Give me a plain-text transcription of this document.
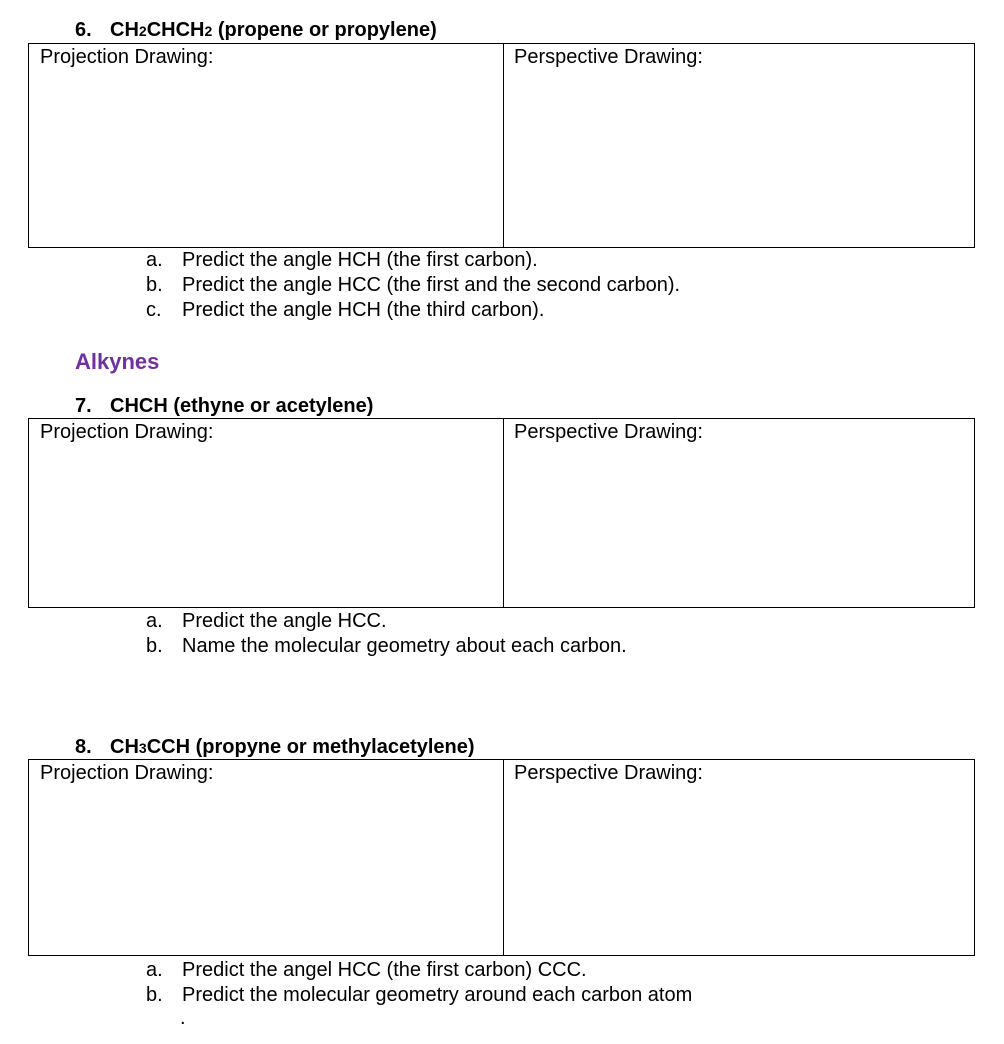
6. CH2CHCH2 (propene or propylene)
Projection Drawing:	Perspective Drawing:
a. Predict the angle HCH (the first carbon).
b. Predict the angle HCC (the first and the second carbon).
c. Predict the angle HCH (the third carbon).
Alkynes
7. CHCH (ethyne or acetylene)
Projection Drawing:	Perspective Drawing:
a. Predict the angle HCC.
b. Name the molecular geometry about each carbon.
8. CH3CCH (propyne or methylacetylene)
Projection Drawing:	Perspective Drawing:
a. Predict the angel HCC (the first carbon) CCC.
b. Predict the molecular geometry around each carbon atom
.
